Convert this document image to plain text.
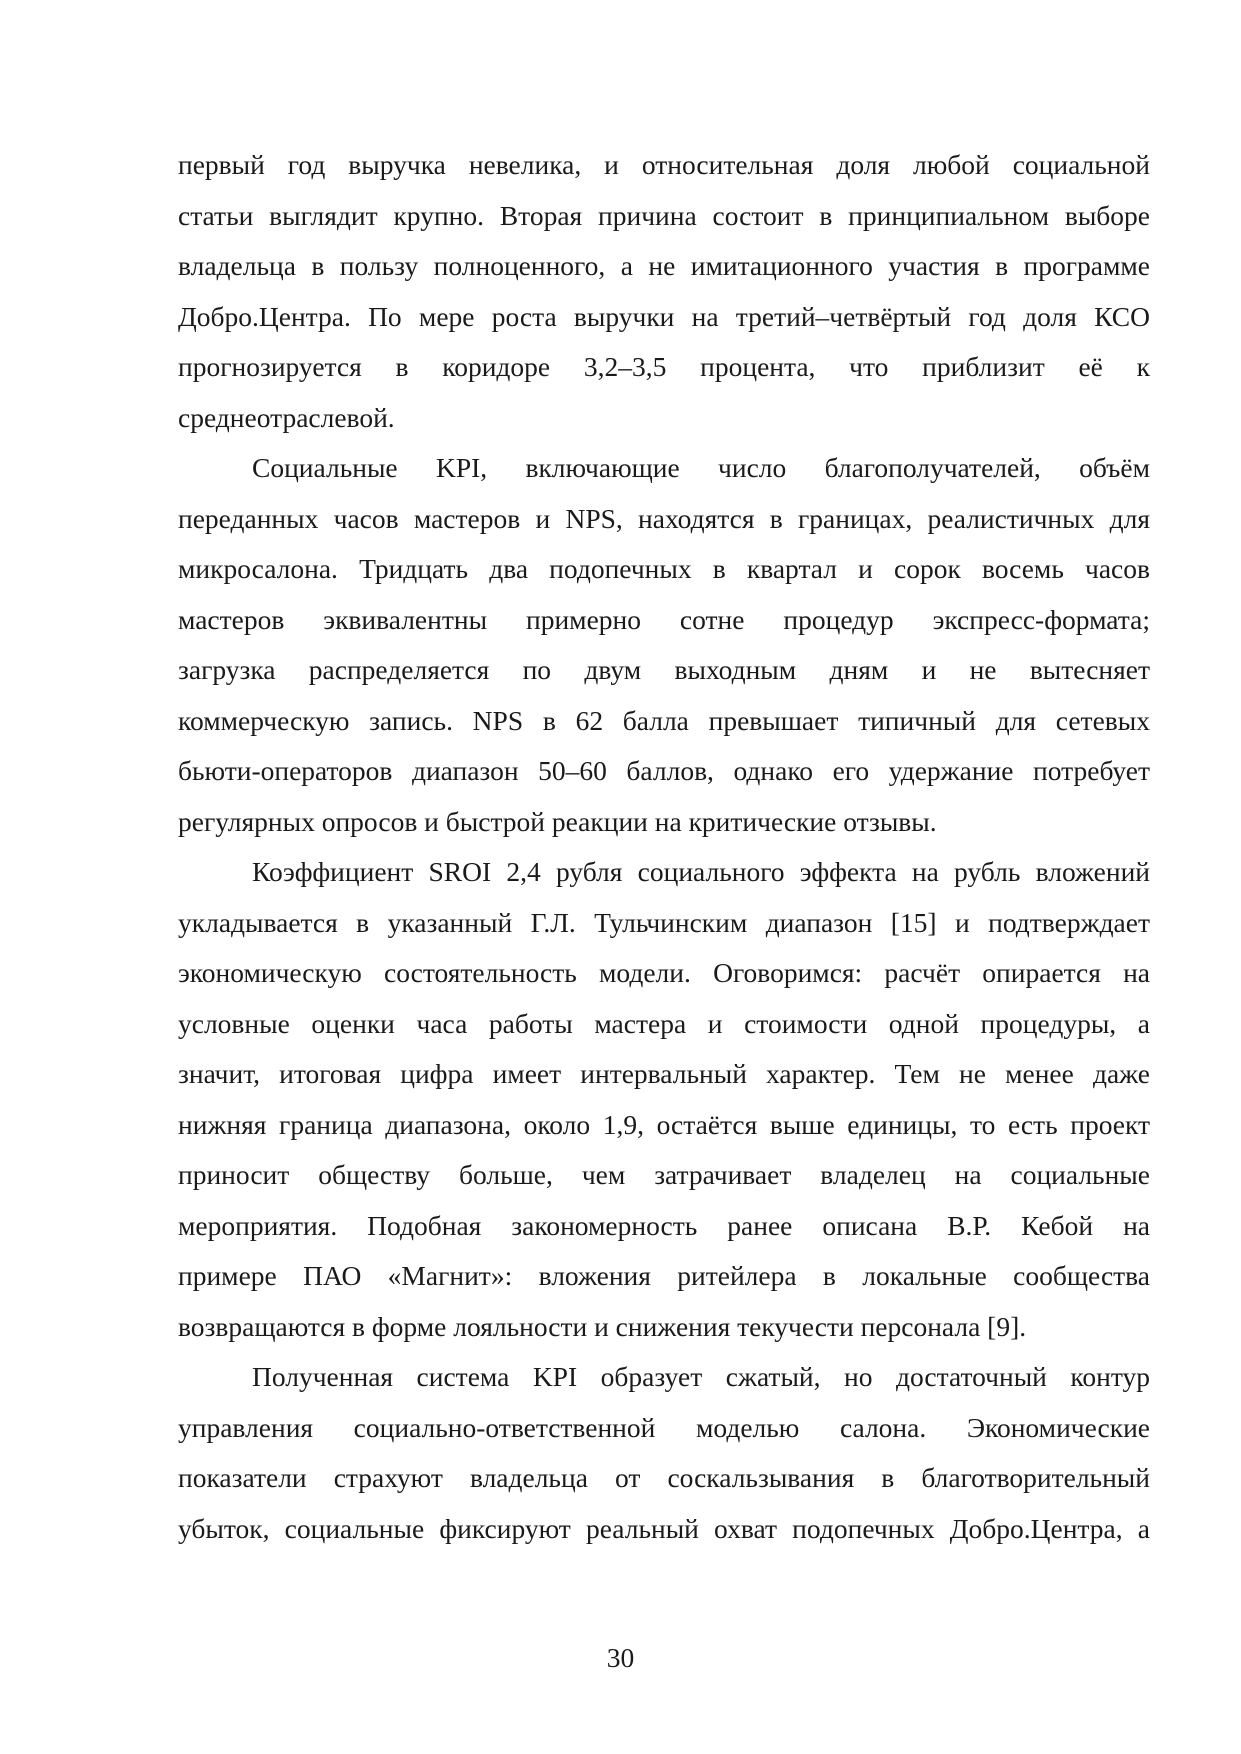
первый год выручка невелика, и относительная доля любой социальной
статьи выглядит крупно. Вторая причина состоит в принципиальном выборе
владельца в пользу полноценного, а не имитационного участия в программе
Добро.Центра. По мере роста выручки на третий–четвёртый год доля КСО
прогнозируется в коридоре 3,2–3,5 процента, что приблизит её к
среднеотраслевой.
Социальные KPI, включающие число благополучателей, объём
переданных часов мастеров и NPS, находятся в границах, реалистичных для
микросалона. Тридцать два подопечных в квартал и сорок восемь часов
мастеров эквивалентны примерно сотне процедур экспресс-формата;
загрузка распределяется по двум выходным дням и не вытесняет
коммерческую запись. NPS в 62 балла превышает типичный для сетевых
бьюти-операторов диапазон 50–60 баллов, однако его удержание потребует
регулярных опросов и быстрой реакции на критические отзывы.
Коэффициент SROI 2,4 рубля социального эффекта на рубль вложений
укладывается в указанный Г.Л. Тульчинским диапазон [15] и подтверждает
экономическую состоятельность модели. Оговоримся: расчёт опирается на
условные оценки часа работы мастера и стоимости одной процедуры, а
значит, итоговая цифра имеет интервальный характер. Тем не менее даже
нижняя граница диапазона, около 1,9, остаётся выше единицы, то есть проект
приносит обществу больше, чем затрачивает владелец на социальные
мероприятия. Подобная закономерность ранее описана В.Р. Кебой на
примере ПАО «Магнит»: вложения ритейлера в локальные сообщества
возвращаются в форме лояльности и снижения текучести персонала [9].
Полученная система KPI образует сжатый, но достаточный контур
управления социально-ответственной моделью салона. Экономические
показатели страхуют владельца от соскальзывания в благотворительный
убыток, социальные фиксируют реальный охват подопечных Добро.Центра, а
30
